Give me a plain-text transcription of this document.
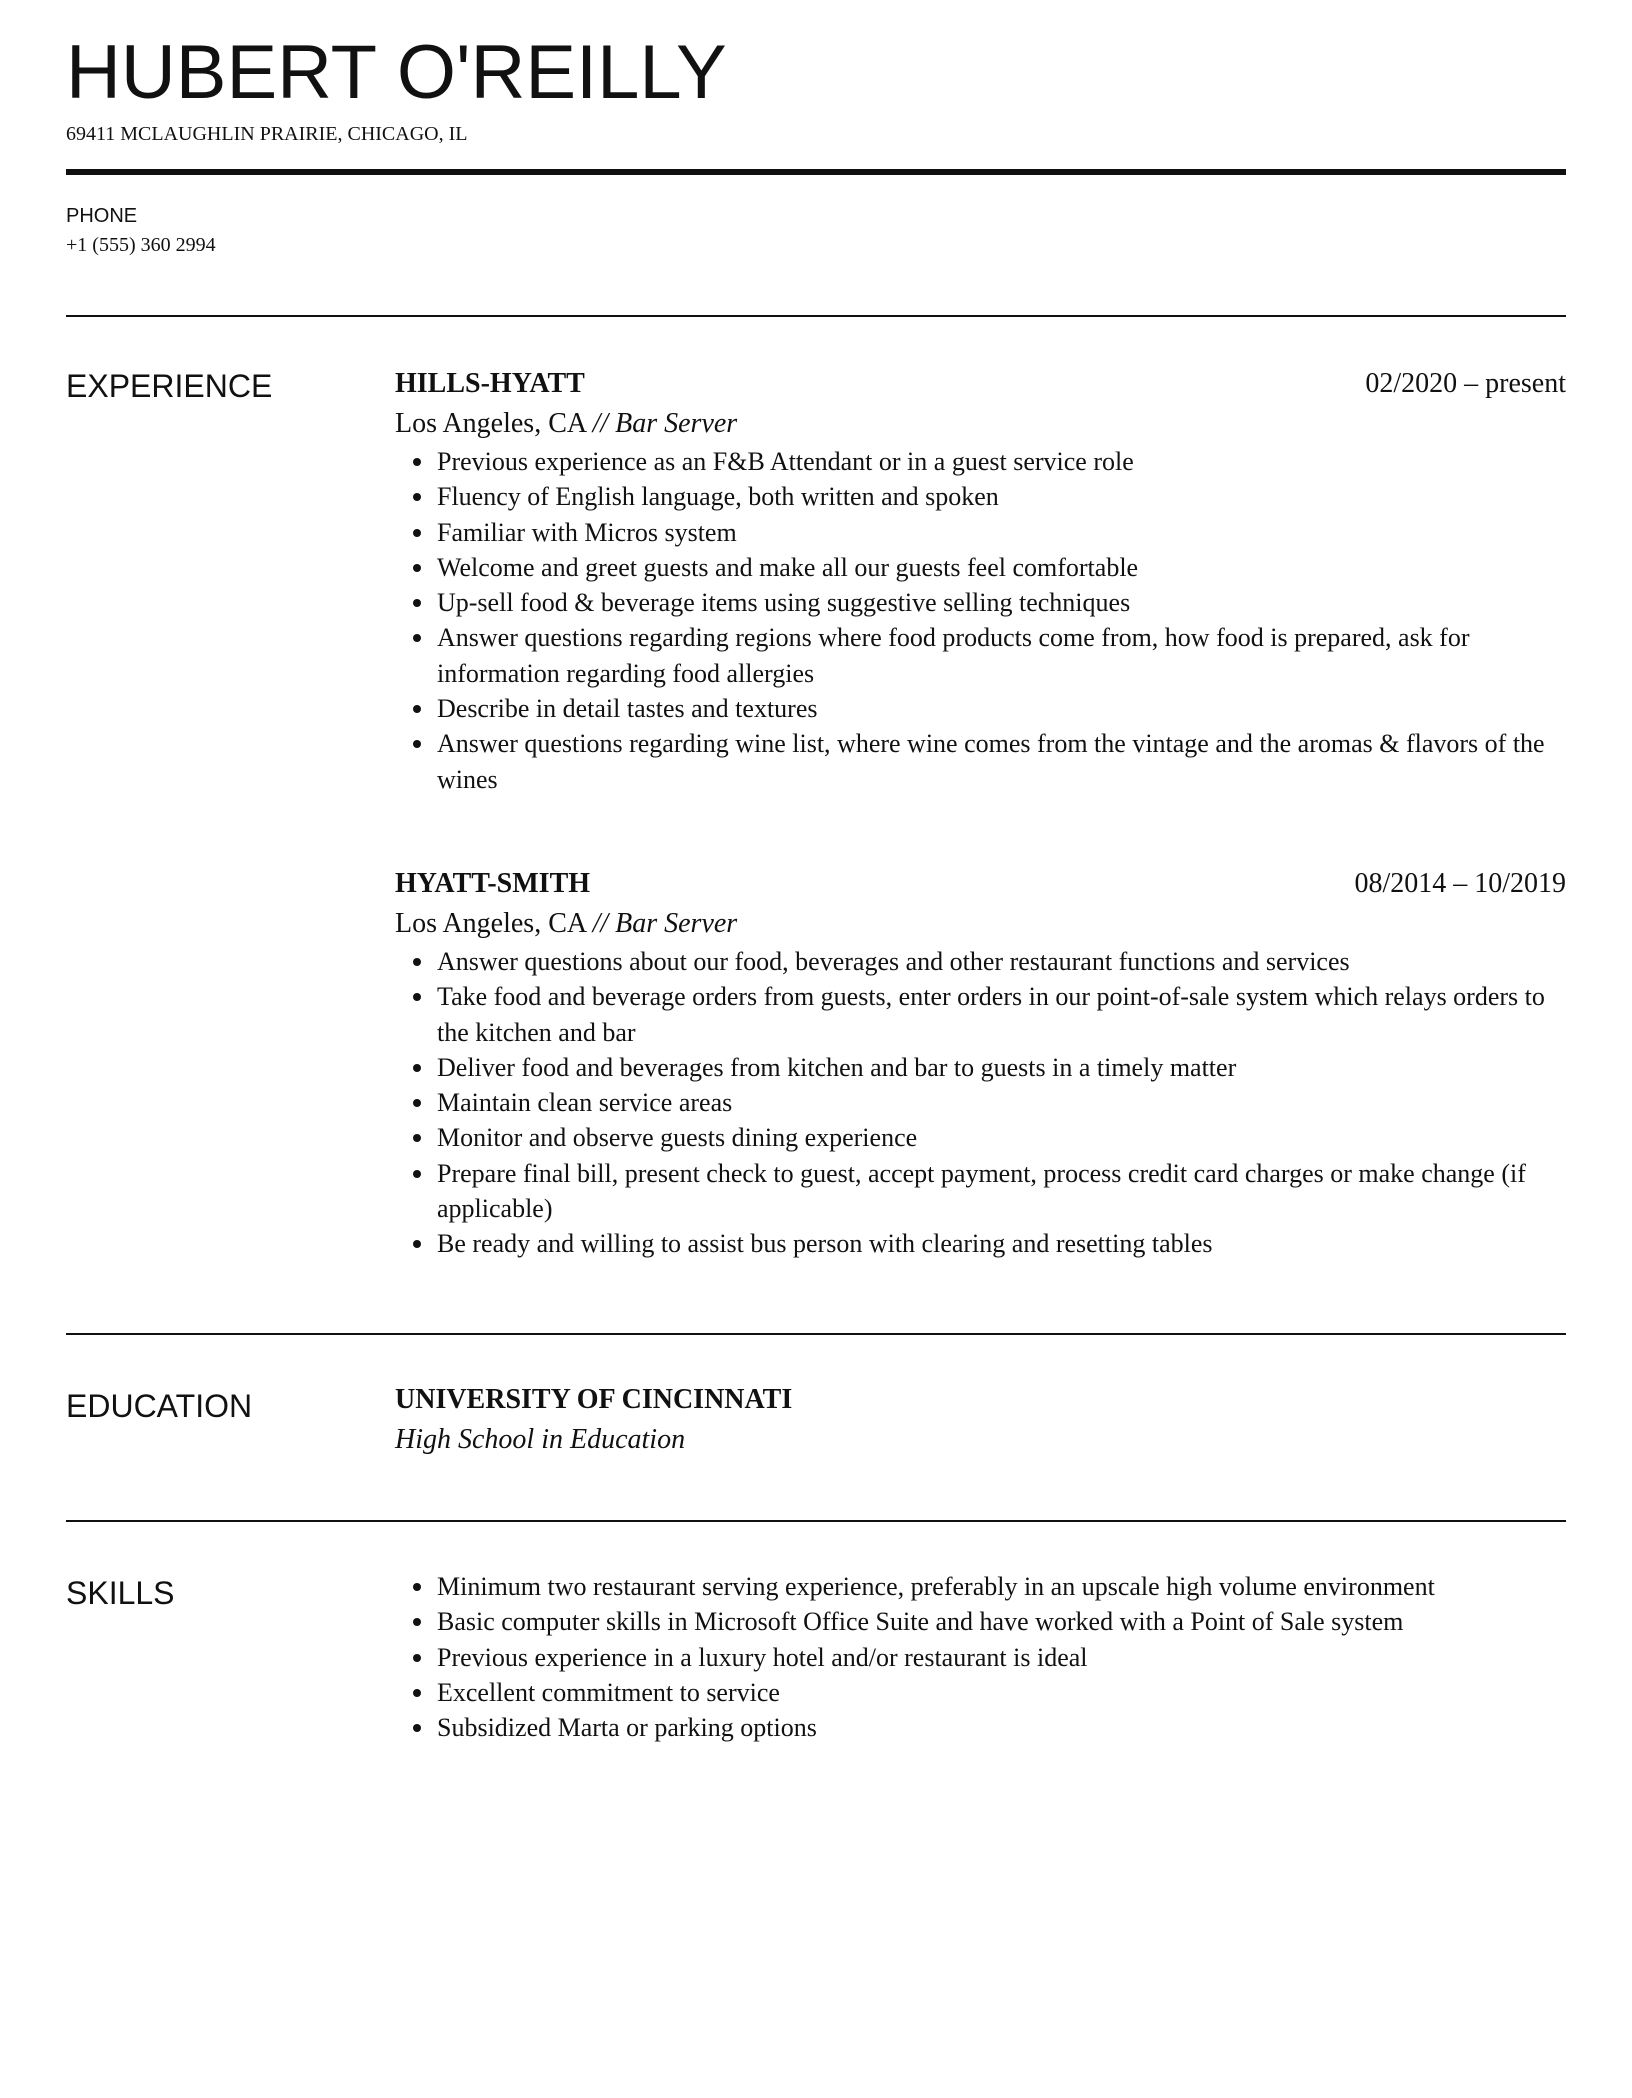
HUBERT O'REILLY
69411 MCLAUGHLIN PRAIRIE, CHICAGO, IL
PHONE
+1 (555) 360 2994
EXPERIENCE	HILLS-HYATT	02/2020 – present
Los Angeles, CA // Bar Server
Previous experience as an F&B Attendant or in a guest service role
Fluency of English language, both written and spoken
Familiar with Micros system
Welcome and greet guests and make all our guests feel comfortable
Up-sell food & beverage items using suggestive selling techniques
Answer questions regarding regions where food products come from, how food is prepared, ask for information regarding food allergies
Describe in detail tastes and textures
Answer questions regarding wine list, where wine comes from the vintage and the aromas & flavors of the wines
HYATT-SMITH	08/2014 – 10/2019
Los Angeles, CA // Bar Server
Answer questions about our food, beverages and other restaurant functions and services
Take food and beverage orders from guests, enter orders in our point-of-sale system which relays orders to the kitchen and bar
Deliver food and beverages from kitchen and bar to guests in a timely matter
Maintain clean service areas
Monitor and observe guests dining experience
Prepare final bill, present check to guest, accept payment, process credit card charges or make change (if applicable)
Be ready and willing to assist bus person with clearing and resetting tables
EDUCATION	UNIVERSITY OF CINCINNATI
High School in Education
SKILLS	Minimum two restaurant serving experience, preferably in an upscale high volume environment
Basic computer skills in Microsoft Office Suite and have worked with a Point of Sale system
Previous experience in a luxury hotel and/or restaurant is ideal
Excellent commitment to service
Subsidized Marta or parking options
